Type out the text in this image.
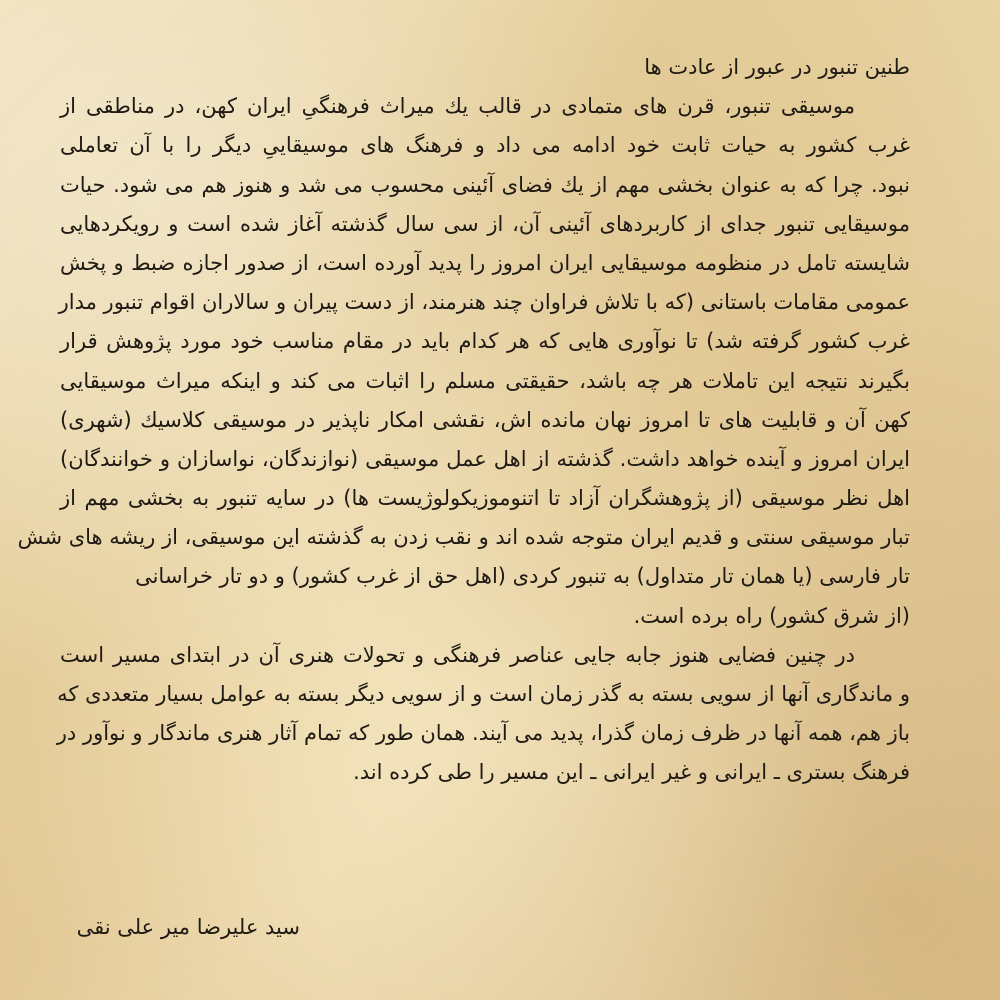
طنین تنبور در عبور از عادت ها
موسیقی تنبور، قرن های متمادی در قالب یك میراث فرهنگیِ ایران کهن، در مناطقی از
غرب کشور به حیات ثابت خود ادامه می داد و فرهنگ های موسیقاییِ دیگر را با آن تعاملی
نبود. چرا که به عنوان بخشی مهم از یك فضای آئینی محسوب می شد و هنوز هم می شود. حیات
موسیقایی تنبور جدای از کاربردهای آئینی آن، از سی سال گذشته آغاز شده است و رویکردهایی
شایسته تامل در منظومه موسیقایی ایران امروز را پدید آورده است، از صدور اجازه ضبط و پخش
عمومی مقامات باستانی (که با تلاش فراوان چند هنرمند، از دست پیران و سالاران اقوام تنبور مدار
غرب کشور گرفته شد) تا نوآوری هایی که هر کدام باید در مقام مناسب خود مورد پژوهش قرار
بگیرند نتیجه این تاملات هر چه باشد، حقیقتی مسلم را اثبات می کند و اینکه میراث موسیقایی
کهن آن و قابلیت های تا امروز نهان مانده اش، نقشی امکار ناپذیر در موسیقی کلاسیك (شهری)
ایران امروز و آینده خواهد داشت. گذشته از اهل عمل موسیقی (نوازندگان، نواسازان و خوانندگان)
اهل نظر موسیقی (از پژوهشگران آزاد تا اتنوموزیکولوژیست ها) در سایه تنبور به بخشی مهم از
تبار موسیقی سنتی و قدیم ایران متوجه شده اند و نقب زدن به گذشته این موسیقی، از ریشه های شش
تار فارسی (یا همان تار متداول) به تنبور کردی (اهل حق از غرب کشور) و دو تار خراسانی
(از شرق کشور) راه برده است.
در چنین فضایی هنوز جابه جایی عناصر فرهنگی و تحولات هنری آن در ابتدای مسیر است
و ماندگاری آنها از سویی بسته به گذر زمان است و از سویی دیگر بسته به عوامل بسیار متعددی که
باز هم، همه آنها در ظرف زمان گذرا، پدید می آیند. همان طور که تمام آثار هنری ماندگار و نوآور در
فرهنگ بستری ـ ایرانی و غیر ایرانی ـ این مسیر را طی کرده اند.
سید علیرضا میر علی نقی
